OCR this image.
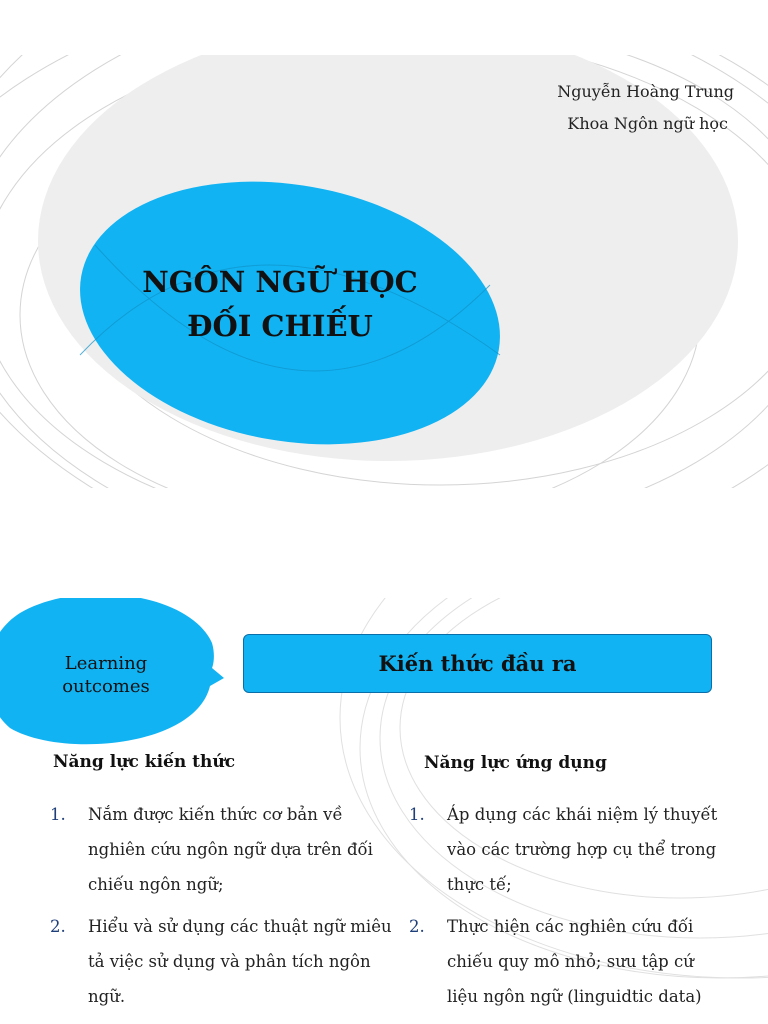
Nguyễn Hoàng Trung
Khoa Ngôn ngữ học
NGÔN NGỮ HỌC
ĐỐI CHIẾU
Learning
outcomes
Kiến thức đầu ra
Năng lực kiến thức	Năng lực ứng dụng
1. Nắm được kiến thức cơ bản về
nghiên cứu ngôn ngữ dựa trên đối
chiếu ngôn ngữ;
2. Hiểu và sử dụng các thuật ngữ miêu
tả việc sử dụng và phân tích ngôn
ngữ.
1. Áp dụng các khái niệm lý thuyết
vào các trường hợp cụ thể trong
thực tế;
2. Thực hiện các nghiên cứu đối
chiếu quy mô nhỏ; sưu tập cứ
liệu ngôn ngữ (linguidtic data)
